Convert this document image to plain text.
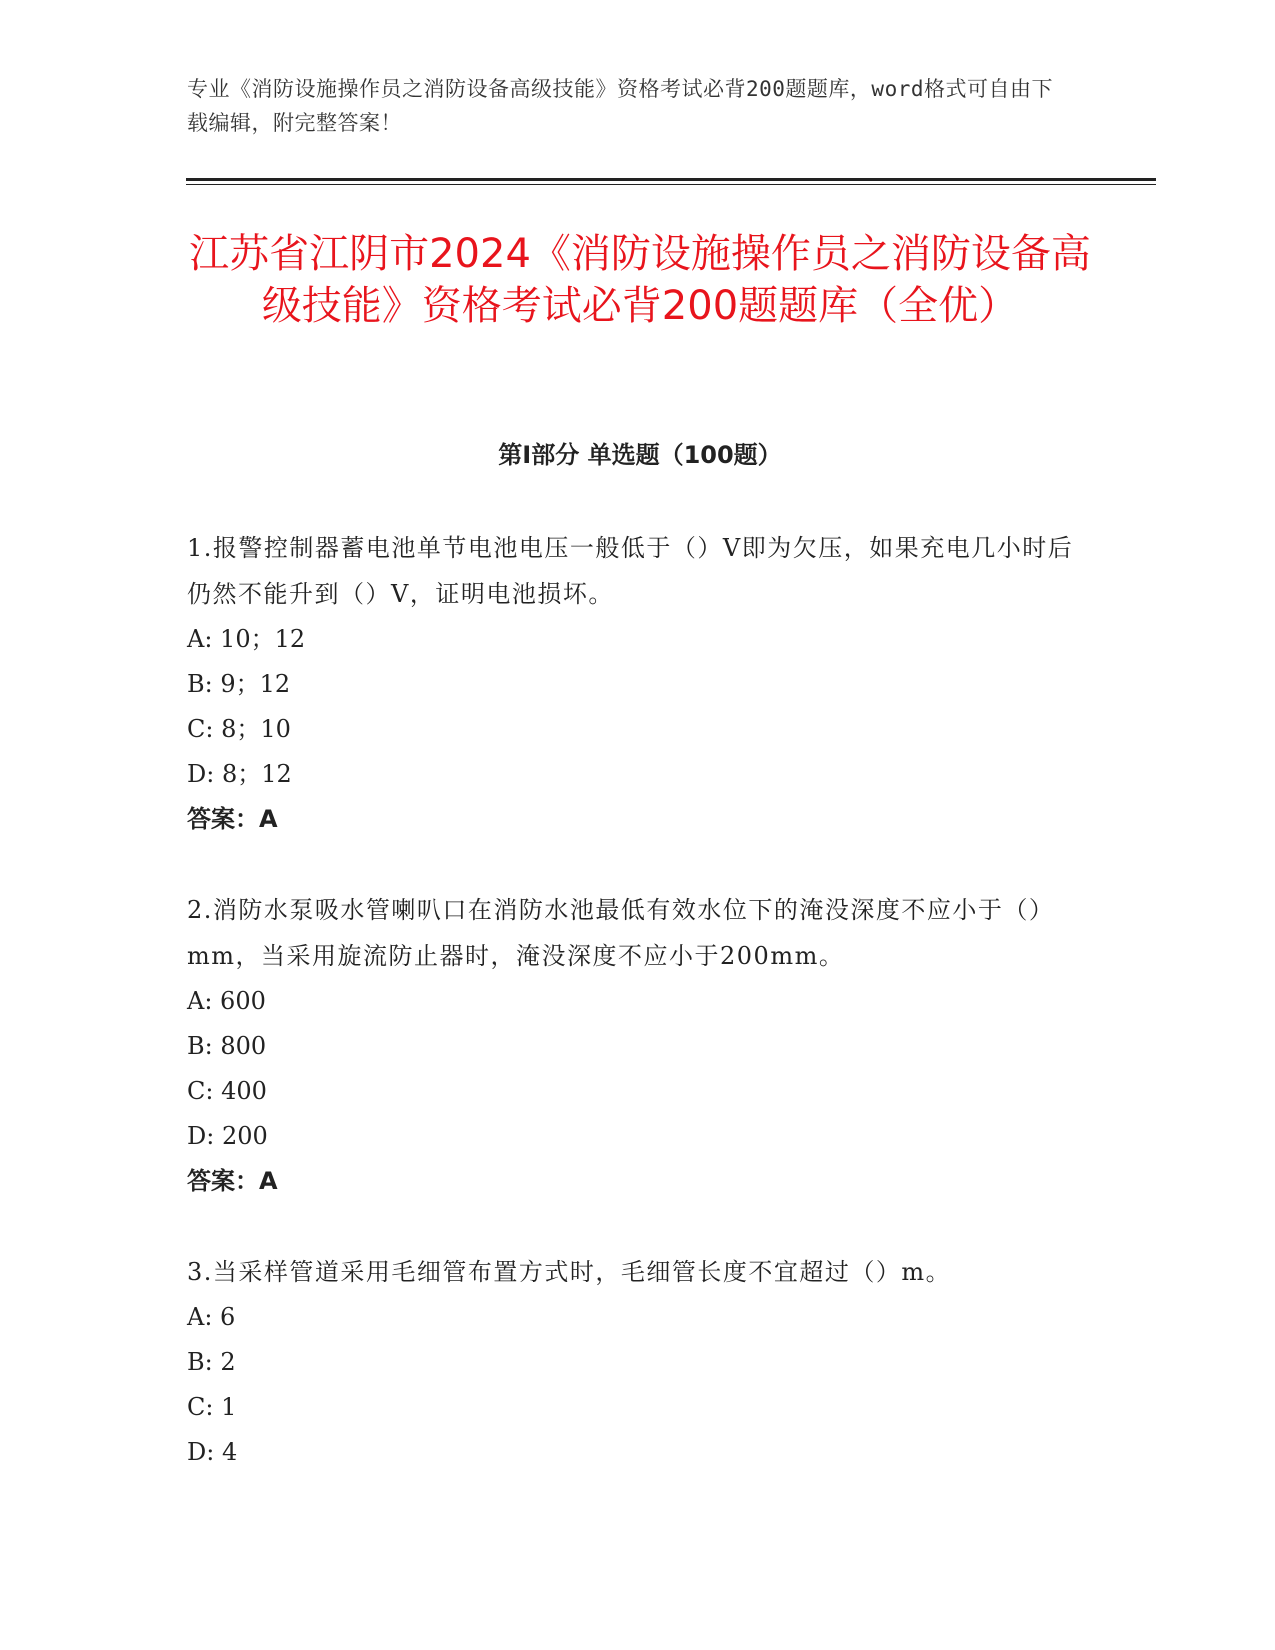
专业《消防设施操作员之消防设备高级技能》资格考试必背200题题库，word格式可自由下载编辑，附完整答案！
江苏省江阴市2024《消防设施操作员之消防设备高级技能》资格考试必背200题题库（全优）
第I部分 单选题（100题）

1.报警控制器蓄电池单节电池电压一般低于（）V即为欠压，如果充电几小时后仍然不能升到（）V，证明电池损坏。

A: 10；12

B: 9；12

C: 8；10

D: 8；12

答案：A

2.消防水泵吸水管喇叭口在消防水池最低有效水位下的淹没深度不应小于（）mm，当采用旋流防止器时，淹没深度不应小于200mm。

A: 600

B: 800

C: 400

D: 200

答案：A

3.当采样管道采用毛细管布置方式时，毛细管长度不宜超过（）m。

A: 6

B: 2

C: 1

D: 4
